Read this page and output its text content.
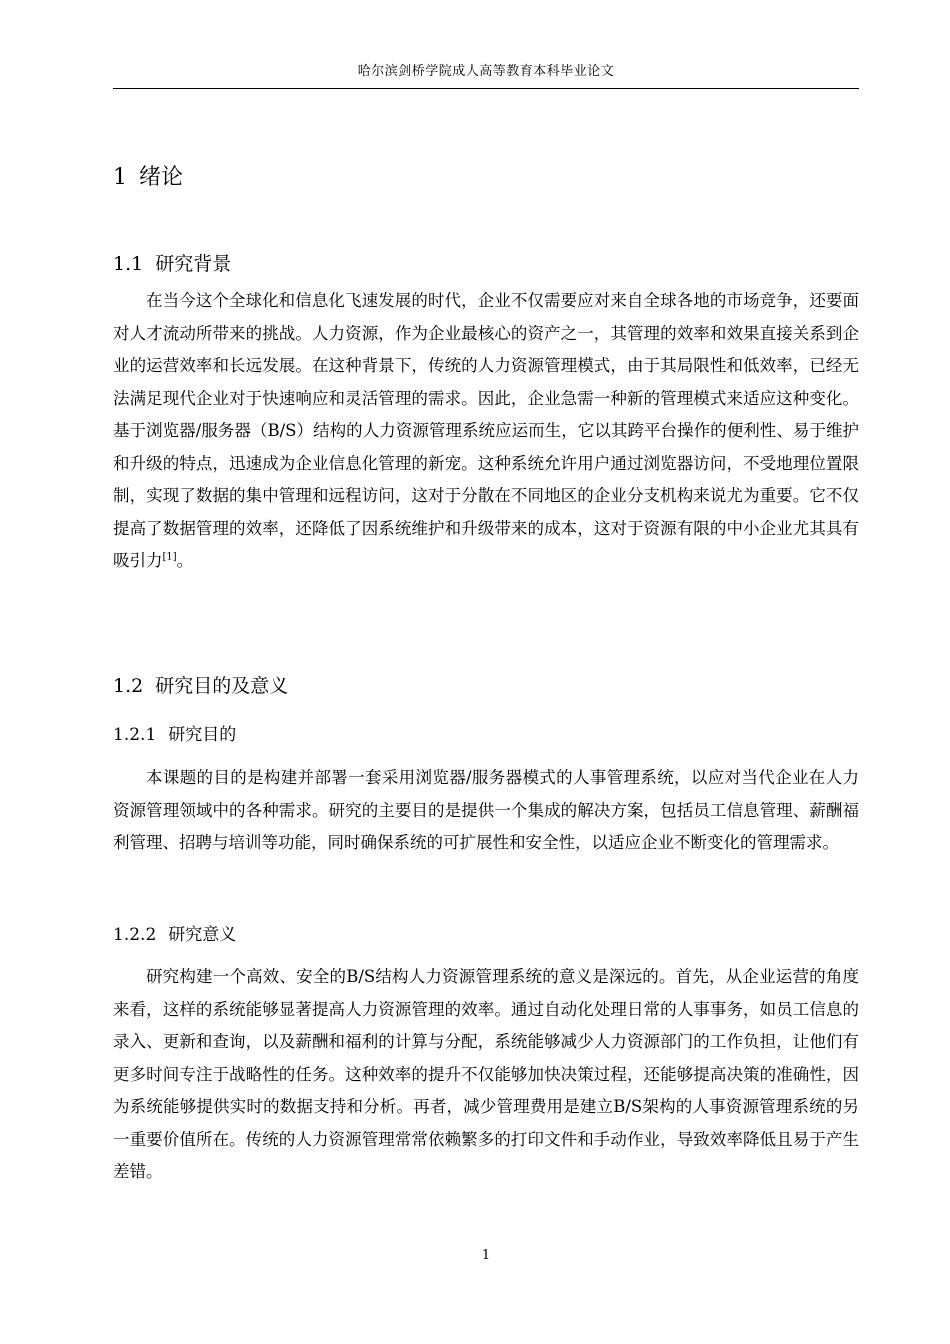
哈尔滨剑桥学院成人高等教育本科毕业论文
1 绪论
1.1 研究背景

在当今这个全球化和信息化飞速发展的时代，企业不仅需要应对来自全球各地的市场竞争，还要面对人才流动所带来的挑战。人力资源，作为企业最核心的资产之一，其管理的效率和效果直接关系到企业的运营效率和长远发展。在这种背景下，传统的人力资源管理模式，由于其局限性和低效率，已经无法满足现代企业对于快速响应和灵活管理的需求。因此，企业急需一种新的管理模式来适应这种变化。基于浏览器/服务器（B/S）结构的人力资源管理系统应运而生，它以其跨平台操作的便利性、易于维护和升级的特点，迅速成为企业信息化管理的新宠。这种系统允许用户通过浏览器访问，不受地理位置限制，实现了数据的集中管理和远程访问，这对于分散在不同地区的企业分支机构来说尤为重要。它不仅提高了数据管理的效率，还降低了因系统维护和升级带来的成本，这对于资源有限的中小企业尤其具有吸引力[1]。

1.2 研究目的及意义
1.2.1 研究目的

本课题的目的是构建并部署一套采用浏览器/服务器模式的人事管理系统，以应对当代企业在人力资源管理领域中的各种需求。研究的主要目的是提供一个集成的解决方案，包括员工信息管理、薪酬福利管理、招聘与培训等功能，同时确保系统的可扩展性和安全性，以适应企业不断变化的管理需求。

1.2.2 研究意义

研究构建一个高效、安全的B/S结构人力资源管理系统的意义是深远的。首先，从企业运营的角度来看，这样的系统能够显著提高人力资源管理的效率。通过自动化处理日常的人事事务，如员工信息的录入、更新和查询，以及薪酬和福利的计算与分配，系统能够减少人力资源部门的工作负担，让他们有更多时间专注于战略性的任务。这种效率的提升不仅能够加快决策过程，还能够提高决策的准确性，因为系统能够提供实时的数据支持和分析。再者，减少管理费用是建立B/S架构的人事资源管理系统的另一重要价值所在。传统的人力资源管理常常依赖繁多的打印文件和手动作业，导致效率降低且易于产生差错。

1
